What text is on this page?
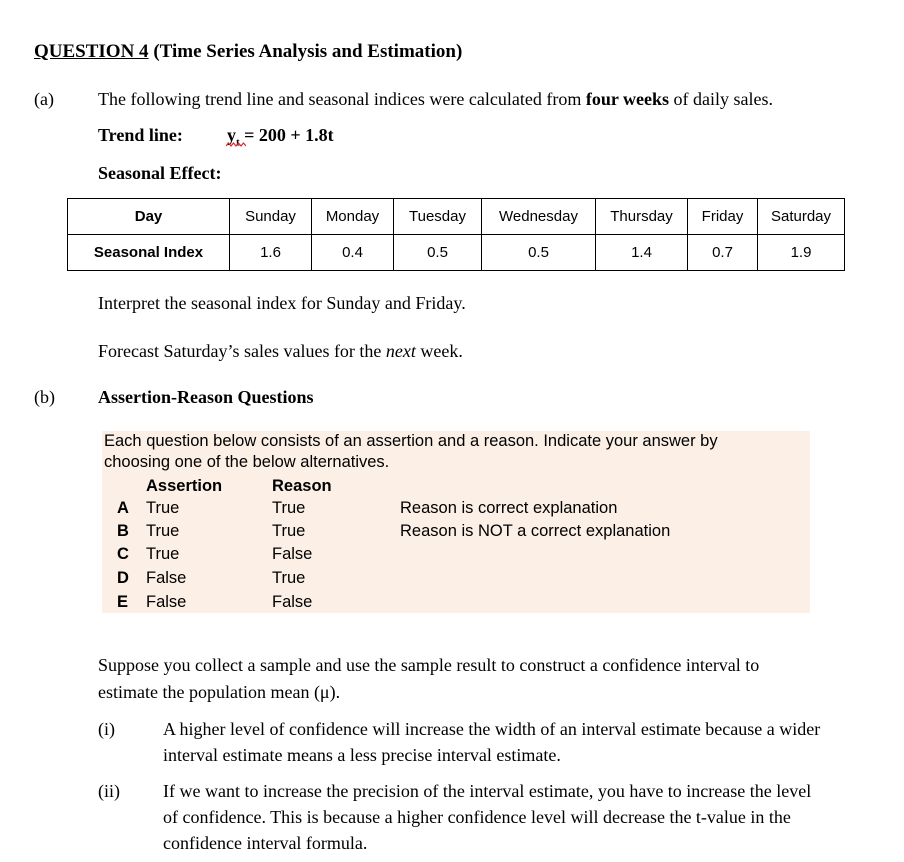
QUESTION 4 (Time Series Analysis and Estimation)
(a) The following trend line and seasonal indices were calculated from four weeks of daily sales.
Trend line: $y_t = 200 + 1.8t$
Seasonal Effect:
Day	Sunday	Monday	Tuesday	Wednesday	Thursday	Friday	Saturday
Seasonal Index	1.6	0.4	0.5	0.5	1.4	0.7	1.9
Interpret the seasonal index for Sunday and Friday.
Forecast Saturday’s sales values for the next week.
(b) Assertion-Reason Questions
Each question below consists of an assertion and a reason. Indicate your answer by
choosing one of the below alternatives.
Assertion	Reason
A True	True	Reason is correct explanation
B True	True	Reason is NOT a correct explanation
C True	False
D False	True
E False	False
Suppose you collect a sample and use the sample result to construct a confidence interval to
estimate the population mean (μ).
(i)	A higher level of confidence will increase the width of an interval estimate because a wider
interval estimate means a less precise interval estimate.
(ii) If we want to increase the precision of the interval estimate, you have to increase the level
of confidence. This is because a higher confidence level will decrease the t-value in the
confidence interval formula.
